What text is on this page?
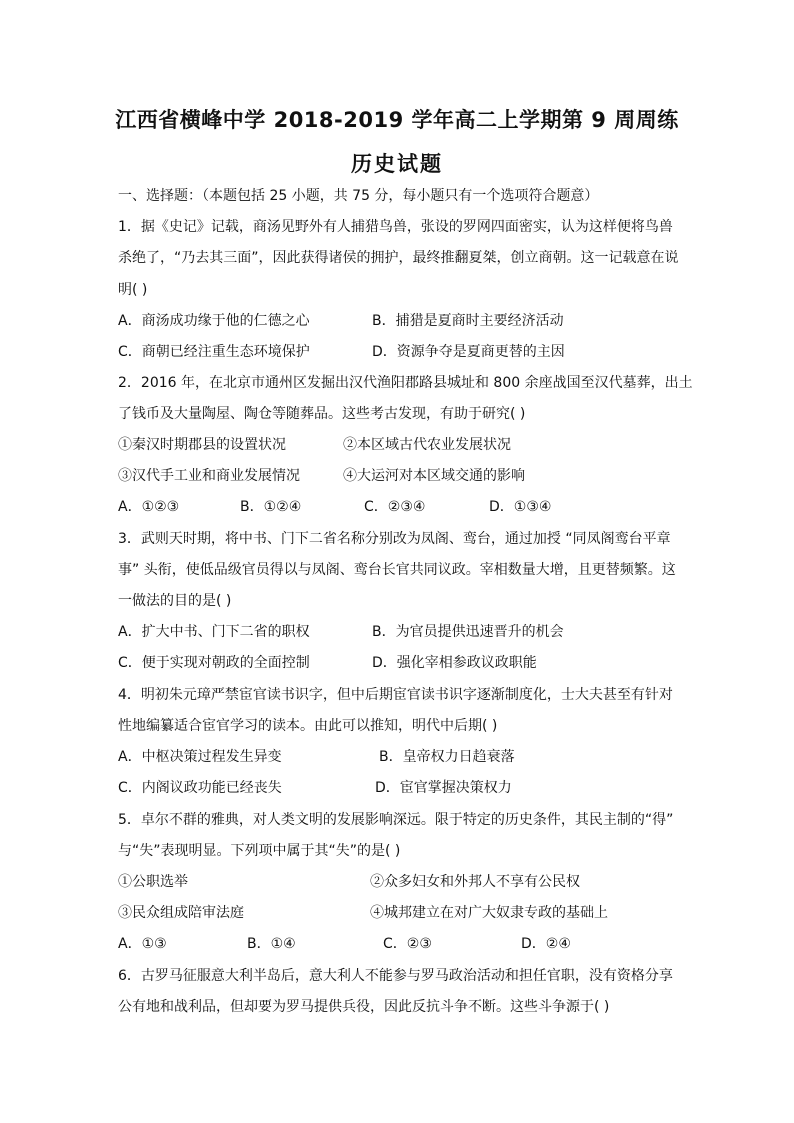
江西省横峰中学 2018-2019 学年高二上学期第 9 周周练
历史试题
一、选择题：（本题包括 25 小题，共 75 分，每小题只有一个选项符合题意）
1．据《史记》记载，商汤见野外有人捕猎鸟兽，张设的罗网四面密实，认为这样便将鸟兽
杀绝了，“乃去其三面”，因此获得诸侯的拥护，最终推翻夏桀，创立商朝。这一记载意在说
明( )
A．商汤成功缘于他的仁德之心	B．捕猎是夏商时主要经济活动
C．商朝已经注重生态环境保护	D．资源争夺是夏商更替的主因
2．2016 年，在北京市通州区发掘出汉代渔阳郡路县城址和 800 余座战国至汉代墓葬，出土
了钱币及大量陶屋、陶仓等随葬品。这些考古发现，有助于研究( )
①秦汉时期郡县的设置状况	②本区域古代农业发展状况
③汉代手工业和商业发展情况	④大运河对本区域交通的影响
A．①②③	B．①②④	C．②③④	D．①③④
3．武则天时期，将中书、门下二省名称分别改为凤阁、鸾台，通过加授 “同凤阁鸾台平章
事” 头衔，使低品级官员得以与凤阁、鸾台长官共同议政。宰相数量大增，且更替频繁。这
一做法的目的是( )
A．扩大中书、门下二省的职权	B．为官员提供迅速晋升的机会
C．便于实现对朝政的全面控制	D．强化宰相参政议政职能
4．明初朱元璋严禁宦官读书识字，但中后期宦官读书识字逐渐制度化，士大夫甚至有针对
性地编纂适合宦官学习的读本。由此可以推知，明代中后期( )
A．中枢决策过程发生异变	B．皇帝权力日趋衰落
C．内阁议政功能已经丧失	D．宦官掌握决策权力
5．卓尔不群的雅典，对人类文明的发展影响深远。限于特定的历史条件，其民主制的“得”
与“失”表现明显。下列项中属于其“失”的是( )
①公职选举	②众多妇女和外邦人不享有公民权
③民众组成陪审法庭	④城邦建立在对广大奴隶专政的基础上
A．①③	B．①④	C．②③	D．②④
6．古罗马征服意大利半岛后，意大利人不能参与罗马政治活动和担任官职，没有资格分享
公有地和战利品，但却要为罗马提供兵役，因此反抗斗争不断。这些斗争源于( )
